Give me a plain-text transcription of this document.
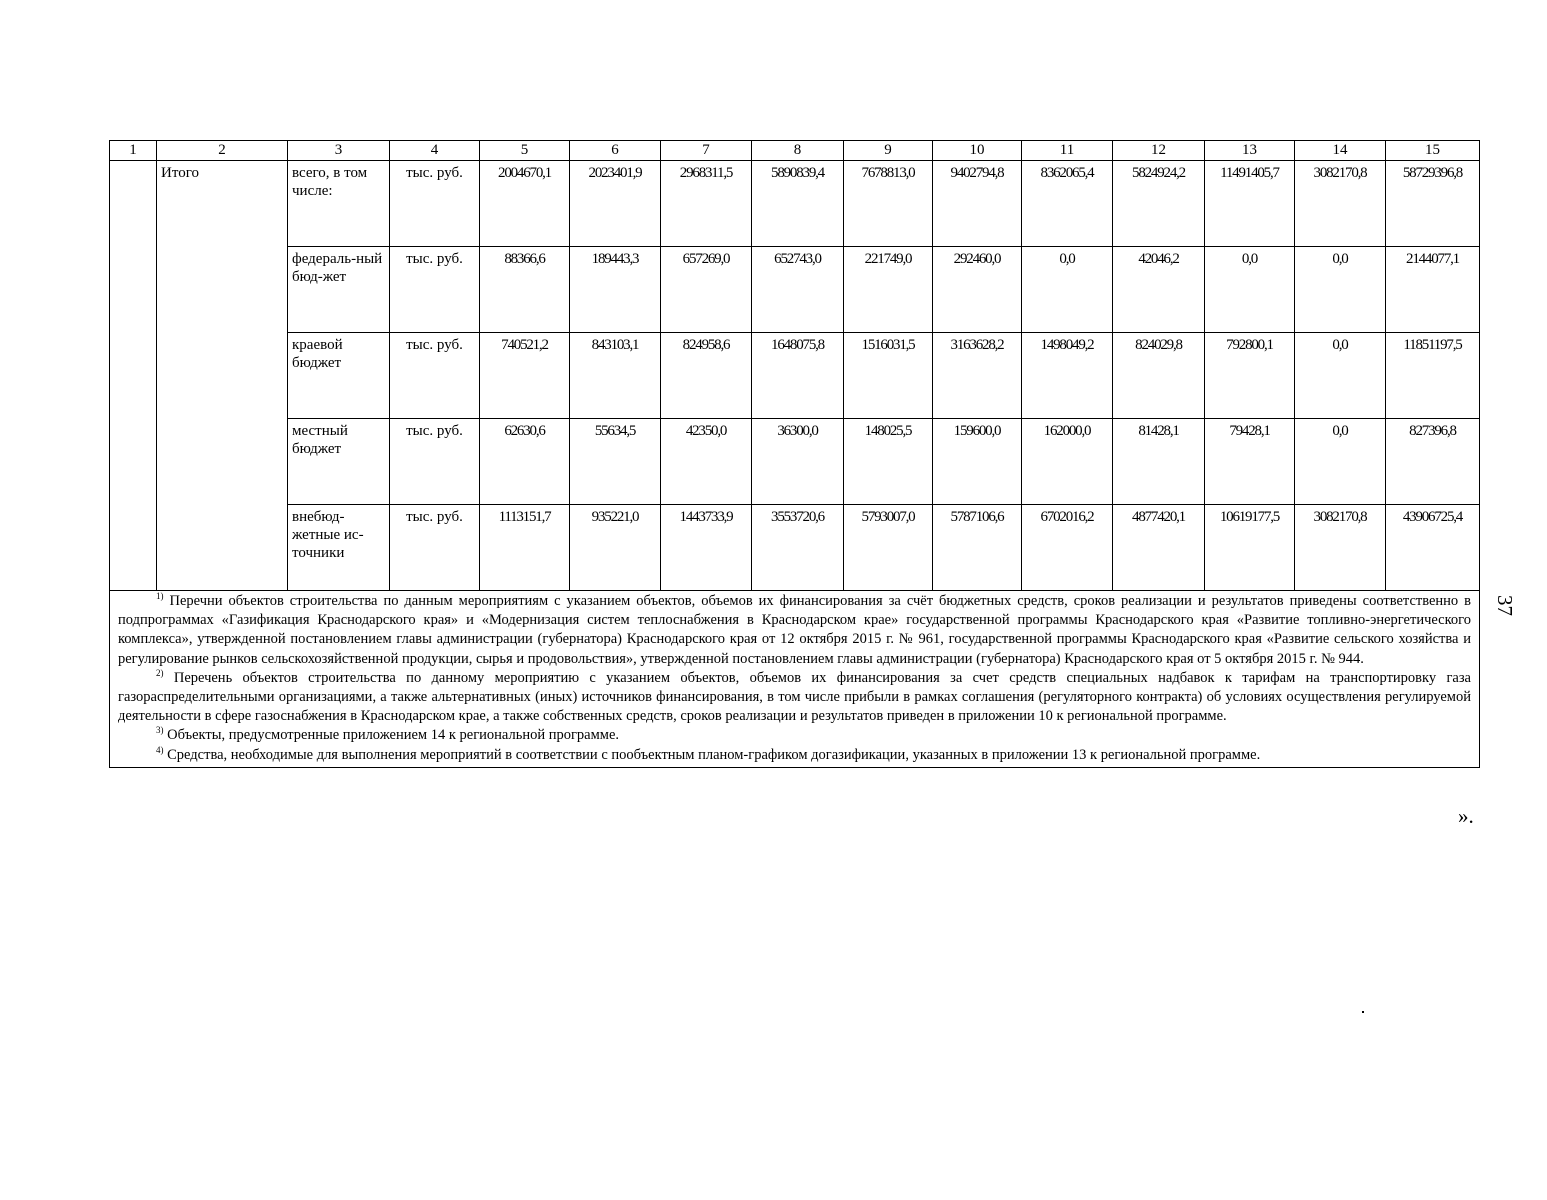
1	2	3	4	5	6	7	8	9	10	11	12	13	14	15
	Итого	всего, в том числе:	тыс. руб.	2004670,1	2023401,9	2968311,5	5890839,4	7678813,0	9402794,8	8362065,4	5824924,2	11491405,7	3082170,8	58729396,8
		федераль-ный бюд-жет	тыс. руб.	88366,6	189443,3	657269,0	652743,0	221749,0	292460,0	0,0	42046,2	0,0	0,0	2144077,1
		краевой бюджет	тыс. руб.	740521,2	843103,1	824958,6	1648075,8	1516031,5	3163628,2	1498049,2	824029,8	792800,1	0,0	11851197,5
		местный бюджет	тыс. руб.	62630,6	55634,5	42350,0	36300,0	148025,5	159600,0	162000,0	81428,1	79428,1	0,0	827396,8
		внебюд-жетные ис-точники	тыс. руб.	1113151,7	935221,0	1443733,9	3553720,6	5793007,0	5787106,6	6702016,2	4877420,1	10619177,5	3082170,8	43906725,4

$^{1)}$ Перечни объектов строительства по данным мероприятиям с указанием объектов, объемов их финансирования за счёт бюджетных средств, сроков реализации и результатов приведены соответственно в подпрограммах «Газификация Краснодарского края» и «Модернизация систем теплоснабжения в Краснодарском крае» государственной программы Краснодарского края «Развитие топливно-энергетического комплекса», утвержденной постановлением главы администрации (губернатора) Краснодарского края от 12 октября 2015 г. № 961, государственной программы Краснодарского края «Развитие сельского хозяйства и регулирование рынков сельскохозяйственной продукции, сырья и продовольствия», утвержденной постановлением главы администрации (губернатора) Краснодарского края от 5 октября 2015 г. № 944.

$^{2)}$ Перечень объектов строительства по данному мероприятию с указанием объектов, объемов их финансирования за счет средств специальных надбавок к тарифам на транспортировку газа газораспределительными организациями, а также альтернативных (иных) источников финансирования, в том числе прибыли в рамках соглашения (регуляторного контракта) об условиях осуществления регулируемой деятельности в сфере газоснабжения в Краснодарском крае, а также собственных средств, сроков реализации и результатов приведен в приложении 10 к региональной программе.

$^{3)}$ Объекты, предусмотренные приложением 14 к региональной программе.

$^{4)}$ Средства, необходимые для выполнения мероприятий в соответствии с пообъектным планом-графиком догазификации, указанных в приложении 13 к региональной программе.														

37
».
